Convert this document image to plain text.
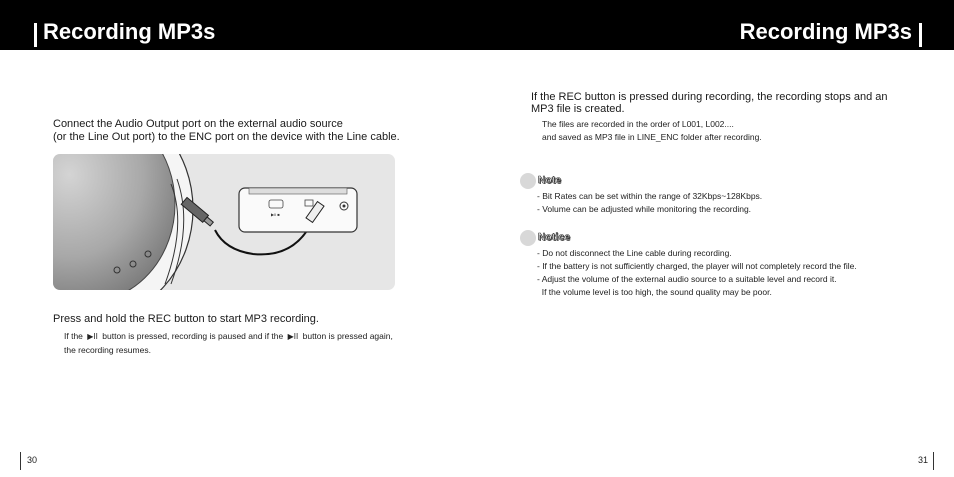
Recording MP3s	Recording MP3s
Connect the Audio Output port on the external audio source
(or the Line Out port) to the ENC port on the device with the Line cable.
▶II ■
Press and hold the REC button to start MP3 recording.
If the ▶II button is pressed, recording is paused and if the ▶II button is pressed again,
the recording resumes.
If the REC button is pressed during recording, the recording stops and an
MP3 file is created.
The files are recorded in the order of L001, L002....
and saved as MP3 file in LINE_ENC folder after recording.
Note
- Bit Rates can be set within the range of 32Kbps~128Kbps.
- Volume can be adjusted while monitoring the recording.
Notice
- Do not disconnect the Line cable during recording.
- If the battery is not sufficiently charged, the player will not completely record the file.
- Adjust the volume of the external audio source to a suitable level and record it.
If the volume level is too high, the sound quality may be poor.
30	31
